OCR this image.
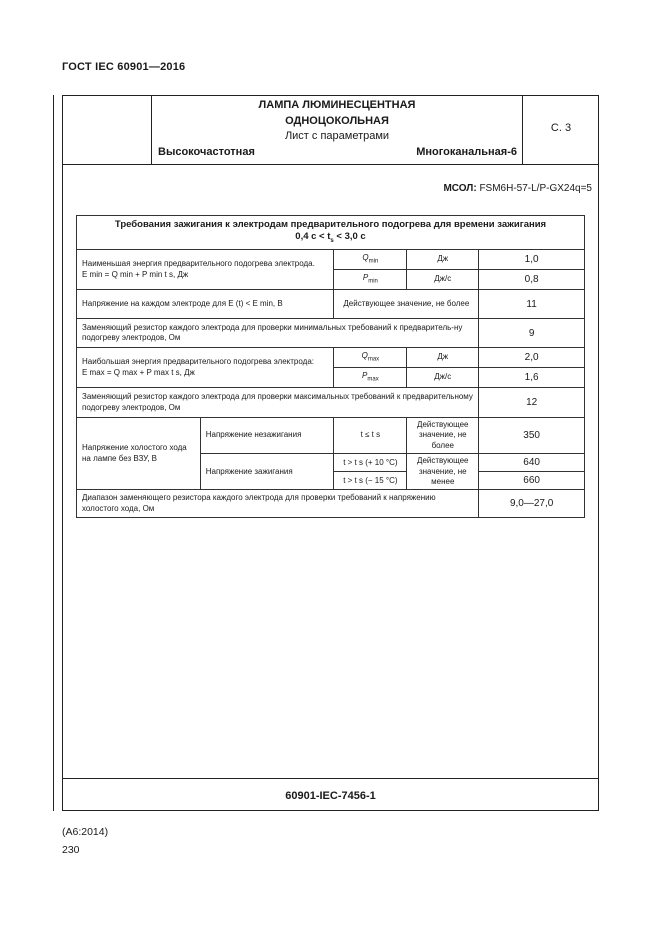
ГОСТ IEC 60901—2016
ЛАМПА ЛЮМИНЕСЦЕНТНАЯ
ОДНОЦОКОЛЬНАЯ
Лист с параметрами
Высокочастотная	Многоканальная-6
С. 3
МСОЛ: FSM6H-57-L/P-GX24q=5
Требования зажигания к электродам предварительного подогрева для времени зажигания
0,4 $с < t_s < 3,0$ с				
Наименьшая энергия предварительного подогрева электрода.
E min = Q min + P min t s, Дж		$Q_{min}$	Дж	1,0
		$P_{min}$	Дж/с	0,8
Напряжение на каждом электроде для E (t) < E min, В		Действующее значение, не более		11
Заменяющий резистор каждого электрода для проверки минимальных требований к предваритель-ну подогреву электродов, Ом				9
Наибольшая энергия предварительного подогрева электрода:
E max = Q max + P max t s, Дж		$Q_{max}$	Дж	2,0
		$P_{max}$	Дж/с	1,6
Заменяющий резистор каждого электрода для проверки максимальных требований к предварительному подогреву электродов, Ом				12
Напряжение холостого хода на лампе без ВЗУ, В	Напряжение незажигания	t ≤ t s	Действующее значение, не более	350
	Напряжение зажигания	t > t s (+ 10 °С)	Действующее значение, не менее	640
		t > t s (− 15 °С)		660
Диапазон заменяющего резистора каждого электрода для проверки требований к напряжению холостого хода, Ом				9,0—27,0
60901-IEC-7456-1
(А6:2014)
230
